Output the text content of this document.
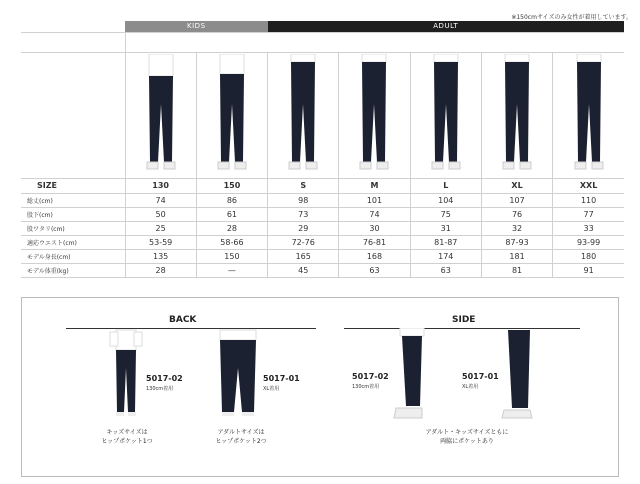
※150cmサイズのみ女性が着用しています。
	KIDS		ADULT				

SIZE	130	150	S	M	L	XL	XXL
総丈(cm)	74	86	98	101	104	107	110
股下(cm)	50	61	73	74	75	76	77
股ワタリ(cm)	25	28	29	30	31	32	33
適応ウエスト(cm)	53-59	58-66	72-76	76-81	81-87	87-93	93-99
モデル身長(cm)	135	150	165	168	174	181	180
モデル体重(kg)	28	—	45	63	63	81	91
BACK	SIDE
5017-02
130cm着用
キッズサイズは
ヒップポケット1つ
5017-01
XL着用
アダルトサイズは
ヒップポケット2つ
5017-02
130cm着用
5017-01
XL着用
アダルト・キッズサイズともに
両脇にポケットあり
